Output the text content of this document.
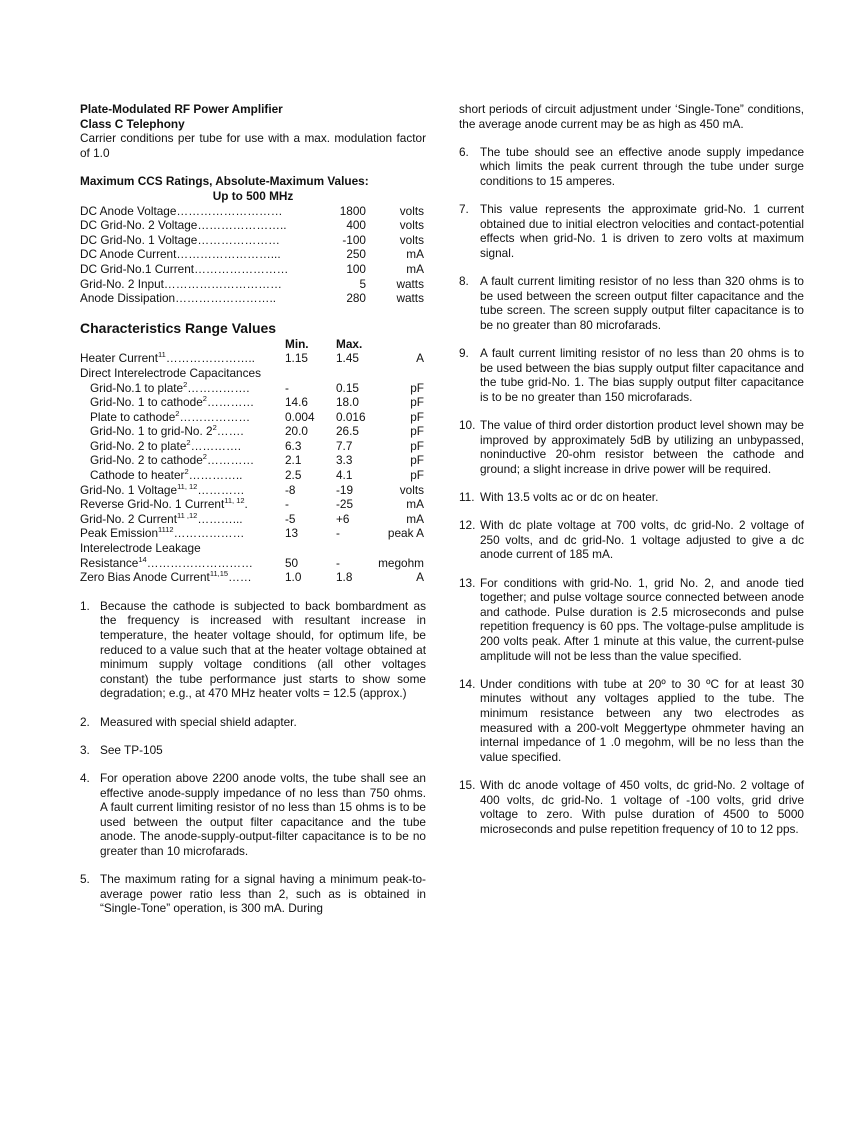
Plate-Modulated RF Power Amplifier
Class C Telephony
Carrier conditions per tube for use with a max. modulation factor of 1.0
Maximum CCS Ratings, Absolute-Maximum Values:
Up to 500 MHz
DC Anode Voltage………………………	1800	volts
DC Grid-No. 2 Voltage…………………..	400	volts
DC Grid-No. 1 Voltage…………………	-100	volts
DC Anode Current……………………...	250	mA
DC Grid-No.1 Current……………………	100	mA
Grid-No. 2 Input…………………………	5	watts
Anode Dissipation……………………..	280	watts
Characteristics Range Values
Min. Max.
Heater Current$^{11}$…………………..	1.15 1.45	A
Direct Interelectrode Capacitances
Grid-No.1 to plate$^2$…………….	-	0.15	pF
Grid-No. 1 to cathode$^2$…………	14.6 18.0	pF
Plate to cathode$^2$………………	0.004 0.016	pF
Grid-No. 1 to grid-No. $2^2\dots\dots$.	20.0 26.5	pF
Grid-No. 2 to plate$^2$………….	6.3	7.7	pF
Grid-No. 2 to cathode$^2$…………	2.1	3.3	pF
Cathode to heater$^2$…………..	2.5	4.1	pF
Grid-No. 1 Voltage$^{11, 12}$…………	-8	-19	volts
Reverse Grid-No. 1 Current$^{11, 12}$.	-	-25	mA
Grid-No. 2 Current$^{11 ,12}$………...	-5	+6	mA
Peak Emission$^{1112}$………………	13	-	peak A
Interelectrode Leakage
Resistance$^{14}$………………………	50	-	megohm
Zero Bias Anode Current$^{11,15}$……	1.0	1.8	A
1. Because the cathode is subjected to back bombardment as the frequency is increased with resultant increase in temperature, the heater voltage should, for optimum life, be reduced to a value such that at the heater voltage obtained at minimum supply voltage conditions (all other voltages constant) the tube performance just starts to show some degradation; e.g., at 470 MHz heater volts = 12.5 (approx.)
2. Measured with special shield adapter.
3. See TP-105
4. For operation above 2200 anode volts, the tube shall see an effective anode-supply impedance of no less than 750 ohms. A fault current limiting resistor of no less than 15 ohms is to be used between the output filter capacitance and the tube anode. The anode-supply-output-filter capacitance is to be no greater than 10 microfarads.
5. The maximum rating for a signal having a minimum peak-to-average power ratio less than 2, such as is obtained in “Single-Tone” operation, is 300 mA. During
short periods of circuit adjustment under ‘Single-Tone” conditions, the average anode current may be as high as 450 mA.
6. The tube should see an effective anode supply impedance which limits the peak current through the tube under surge conditions to 15 amperes.
7. This value represents the approximate grid-No. 1 current obtained due to initial electron velocities and contact-potential effects when grid-No. 1 is driven to zero volts at maximum signal.
8. A fault current limiting resistor of no less than 320 ohms is to be used between the screen output filter capacitance and the tube screen. The screen supply output filter capacitance is to be no greater than 80 microfarads.
9. A fault current limiting resistor of no less than 20 ohms is to be used between the bias supply output filter capacitance and the tube grid-No. 1. The bias supply output filter capacitance is to be no greater than 150 microfarads.
10. The value of third order distortion product level shown may be improved by approximately 5dB by utilizing an unbypassed, noninductive 20-ohm resistor between the cathode and ground; a slight increase in drive power will be required.
11. With 13.5 volts ac or dc on heater.
12. With dc plate voltage at 700 volts, dc grid-No. 2 voltage of 250 volts, and dc grid-No. 1 voltage adjusted to give a dc anode current of 185 mA.
13. For conditions with grid-No. 1, grid No. 2, and anode tied together; and pulse voltage source connected between anode and cathode. Pulse duration is 2.5 microseconds and pulse repetition frequency is 60 pps. The voltage-pulse amplitude is 200 volts peak. After 1 minute at this value, the current-pulse amplitude will not be less than the value specified.
14. Under conditions with tube at 20º to 30 ºC for at least 30 minutes without any voltages applied to the tube. The minimum resistance between any two electrodes as measured with a 200-volt Meggertype ohmmeter having an internal impedance of 1 .0 megohm, will be no less than the value specified.
15. With dc anode voltage of 450 volts, dc grid-No. 2 voltage of 400 volts, dc grid-No. 1 voltage of -100 volts, grid drive voltage to zero. With pulse duration of 4500 to 5000 microseconds and pulse repetition frequency of 10 to 12 pps.
